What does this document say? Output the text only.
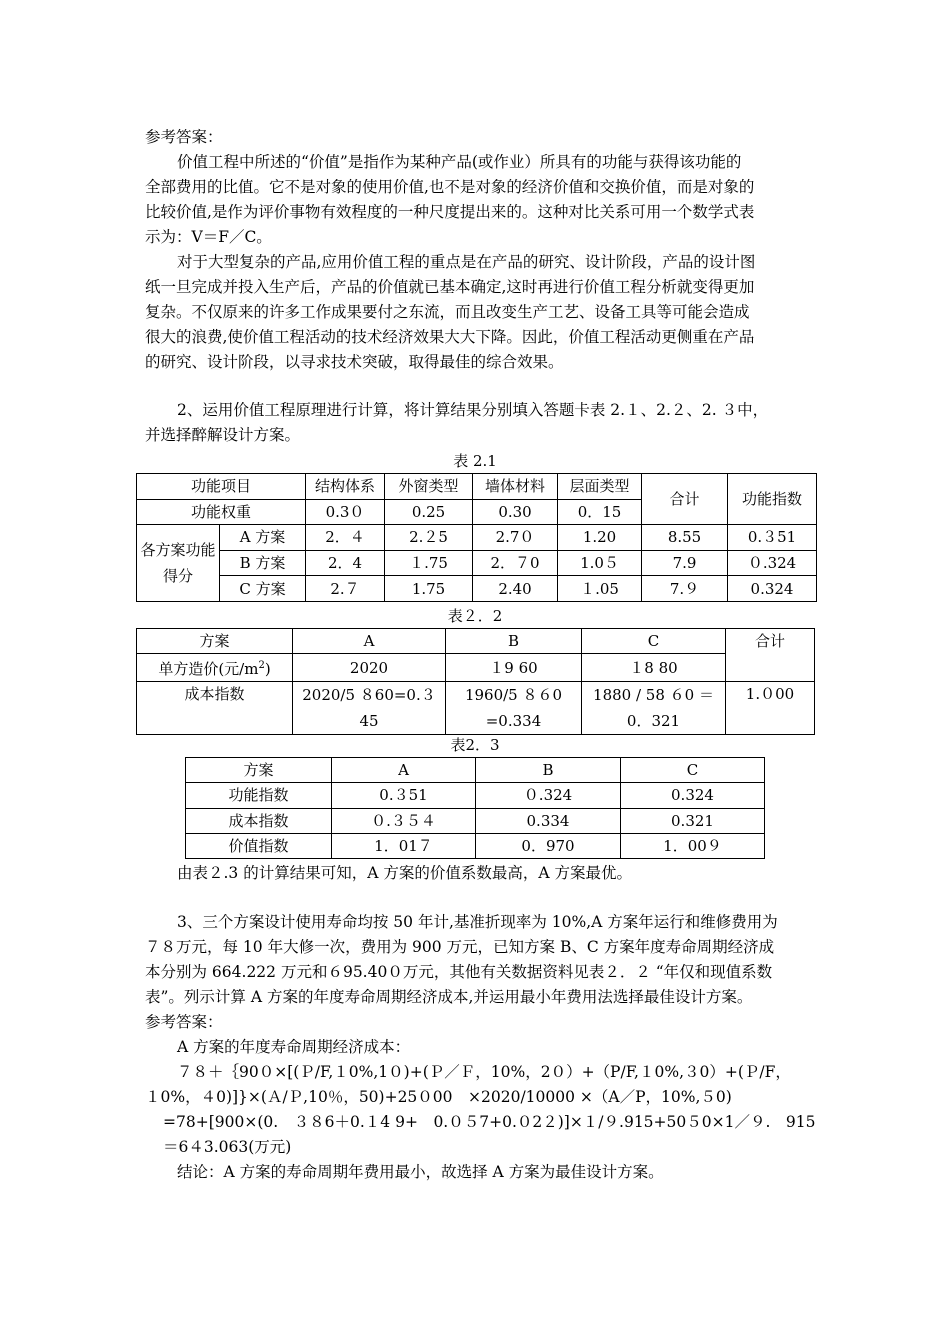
参考答案：
价值工程中所述的“价值”是指作为某种产品(或作业）所具有的功能与获得该功能的
全部费用的比值。它不是对象的使用价值,也不是对象的经济价值和交换价值，而是对象的
比较价值,是作为评价事物有效程度的一种尺度提出来的。这种对比关系可用一个数学式表
示为：V＝F／C。
对于大型复杂的产品,应用价值工程的重点是在产品的研究、设计阶段，产品的设计图
纸一旦完成并投入生产后，产品的价值就已基本确定,这时再进行价值工程分析就变得更加
复杂。不仅原来的许多工作成果要付之东流，而且改变生产工艺、设备工具等可能会造成
很大的浪费,使价值工程活动的技术经济效果大大下降。因此，价值工程活动更侧重在产品
的研究、设计阶段，以寻求技术突破，取得最佳的综合效果。
2、运用价值工程原理进行计算，将计算结果分别填入答题卡表 2.１、2.２、2. ３中，
并选择醉解设计方案。
表 2.1
功能项目		结构体系	外窗类型	墙体材料	层面类型	合计	功能指数
功能权重		0.3０	0.25	0.30	0．15		
各方案功能得分	A 方案	2．４	2.２5	2.7０	1.20	8.55	0.３51
	B 方案	2．4	１.75	2．７0	1.0５	7.9	０.324
	C 方案	2.７	1.75	2.40	１.05	7.９	0.324
表２．2
方案	A	B	C	合计
单方造价(元$/m^2$)	2020	１9 60	１8 80	
成本指数	2020/5 ８60=0.３45	1960/5 ８６0=0.334	1880 / 58 ６0 ＝ 0．321	1.０00
表2．3
方案	A	B	C
功能指数	0.３51	０.324	0.324
成本指数	０.３５４	0.334	0.321
价值指数	1．01７	0．970	1．00９
由表２.3 的计算结果可知，A 方案的价值系数最高，A 方案最优。
3、三个方案设计使用寿命均按 50 年计,基准折现率为 10%,A 方案年运行和维修费用为
７８万元，每 10 年大修一次，费用为 900 万元，已知方案 B、C 方案年度寿命周期经济成
本分别为 664.222 万元和６95.40０万元，其他有关数据资料见表２．２ “年仅和现值系数
表”。列示计算 A 方案的年度寿命周期经济成本,并运用最小年费用法选择最佳设计方案。
参考答案：
A 方案的年度寿命周期经济成本：
７８＋｛90０×[(Ｐ/F,１0%,1０)+(Ｐ／Ｆ，10%，2０）+（P/F,１0%,３0）+(Ｐ/F，
１0%，４0)]}×(Ａ/Ｐ,10％，50)+25０00　×2020/10000 ×（A／P，10%,５0)
=78+[900×(0.　３８6＋0.１4 9+　0.０５7+0.０2２)]×１/９.915+50５0×1／９.　915
＝6４3.063(万元)
结论：A 方案的寿命周期年费用最小，故选择 A 方案为最佳设计方案。
